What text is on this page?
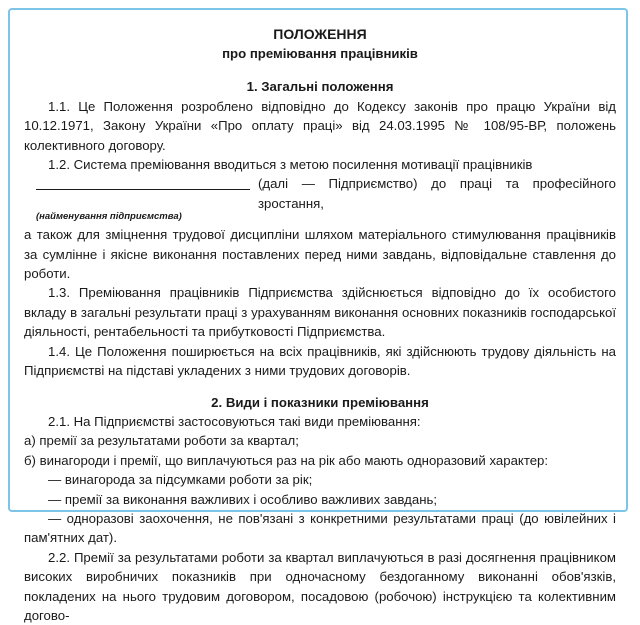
ПОЛОЖЕННЯ
про преміювання працівників
1. Загальні положення

1.1. Це Положення розроблено відповідно до Кодексу законів про працю України від 10.12.1971, Закону України «Про оплату праці» від 24.03.1995 № 108/95-ВР, положень колективного договору.

1.2. Система преміювання вводиться з метою посилення мотивації працівників

(далі — Підприємство) до праці та професійного зростання,
(найменування підприємства)

а також для зміцнення трудової дисципліни шляхом матеріального стимулювання працівників за сумлінне і якісне виконання поставлених перед ними завдань, відповідальне ставлення до роботи.

1.3. Преміювання працівників Підприємства здійснюється відповідно до їх особистого вкладу в загальні результати праці з урахуванням виконання основних показників господарської діяльності, рентабельності та прибутковості Підприємства.

1.4. Це Положення поширюється на всіх працівників, які здійснюють трудову діяльність на Підприємстві на підставі укладених з ними трудових договорів.

2. Види і показники преміювання

2.1. На Підприємстві застосовуються такі види преміювання:

а) премії за результатами роботи за квартал;

б) винагороди і премії, що виплачуються раз на рік або мають одноразовий характер:

— винагорода за підсумками роботи за рік;

— премії за виконання важливих і особливо важливих завдань;

— одноразові заохочення, не пов'язані з конкретними результатами праці (до ювілейних і пам'ятних дат).

2.2. Премії за результатами роботи за квартал виплачуються в разі досягнення працівником високих виробничих показників при одночасному бездоганному виконанні обов'язків, покладених на нього трудовим договором, посадовою (робочою) інструкцією та колективним догово-
